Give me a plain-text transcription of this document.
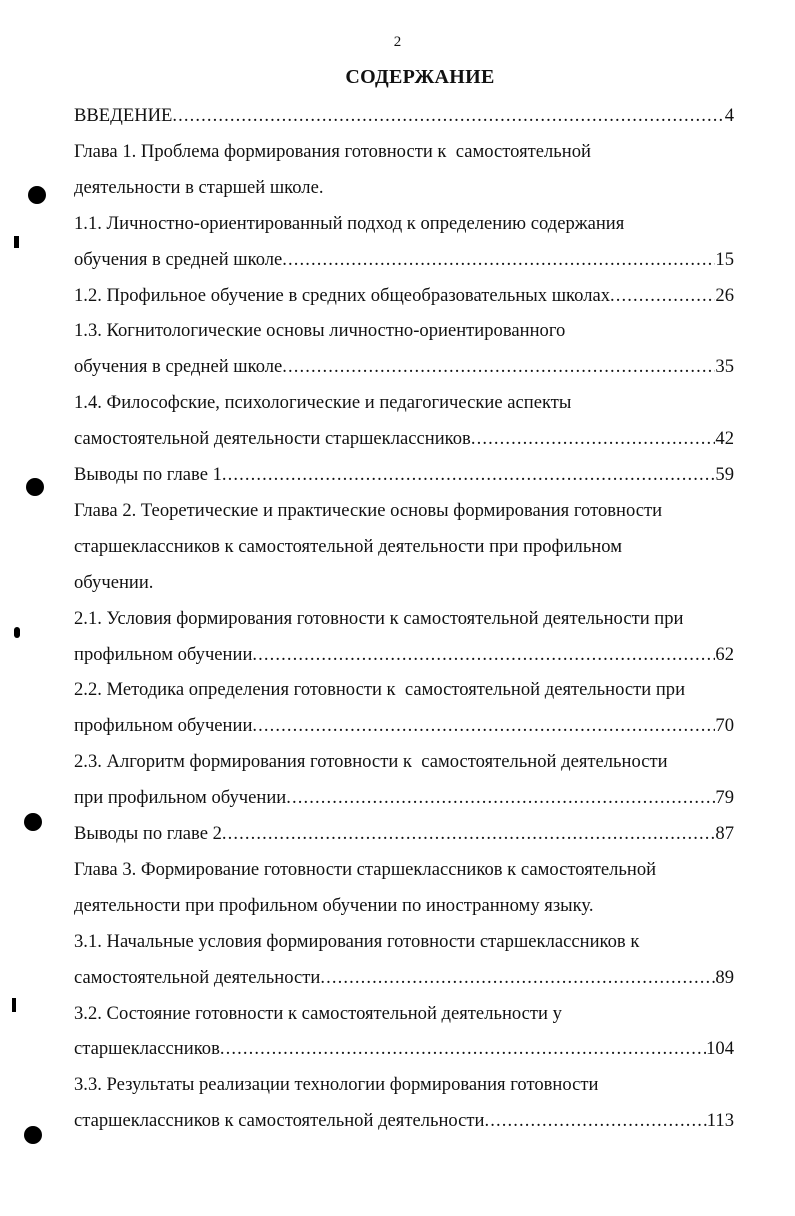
2
СОДЕРЖАНИЕ
ВВЕДЕНИЕ .....	4
Глава 1. Проблема формирования готовности к  самостоятельной
деятельности в старшей школе.
1.1. Личностно-ориентированный подход к определению содержания
обучения в средней школе .....	15
1.2. Профильное обучение в средних общеобразовательных школах .....	26
1.3. Когнитологические основы личностно-ориентированного
обучения в средней школе .....	35
1.4. Философские, психологические и педагогические аспекты
самостоятельной деятельности старшеклассников .....	42
Выводы по главе 1 .....	59
Глава 2. Теоретические и практические основы формирования готовности
старшеклассников к самостоятельной деятельности при профильном
обучении.
2.1. Условия формирования готовности к самостоятельной деятельности при
профильном обучении .....	62
2.2. Методика определения готовности к  самостоятельной деятельности при
профильном обучении .....	70
2.3. Алгоритм формирования готовности к  самостоятельной деятельности
при профильном обучении .....	79
Выводы по главе 2 .....	87
Глава 3. Формирование готовности старшеклассников к самостоятельной
деятельности при профильном обучении по иностранному языку.
3.1. Начальные условия формирования готовности старшеклассников к
самостоятельной деятельности .....	89
3.2. Состояние готовности к самостоятельной деятельности у
старшеклассников .....	104
3.3. Результаты реализации технологии формирования готовности
старшеклассников к самостоятельной деятельности .....	113
